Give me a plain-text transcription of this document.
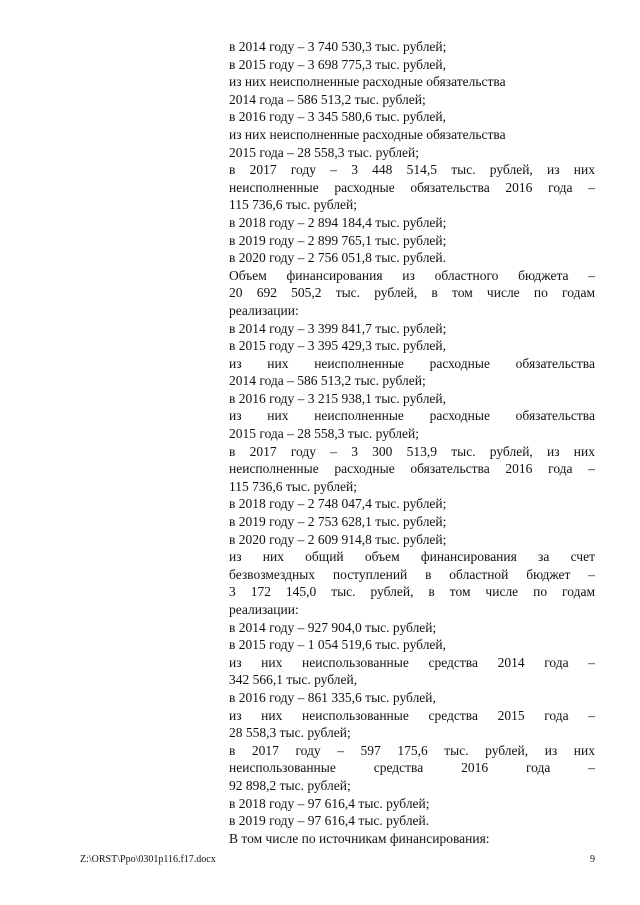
в 2014 году – 3 740 530,3 тыс. рублей;
в 2015 году – 3 698 775,3 тыс. рублей,
из них неисполненные расходные обязательства
2014 года – 586 513,2 тыс. рублей;
в 2016 году – 3 345 580,6 тыс. рублей,
из них неисполненные расходные обязательства
2015 года – 28 558,3 тыс. рублей;
в 2017 году – 3 448 514,5 тыс. рублей, из них
неисполненные расходные обязательства 2016 года –
115 736,6 тыс. рублей;
в 2018 году – 2 894 184,4 тыс. рублей;
в 2019 году – 2 899 765,1 тыс. рублей;
в 2020 году – 2 756 051,8 тыс. рублей.
Объем финансирования из областного бюджета –
20 692 505,2 тыс. рублей, в том числе по годам
реализации:
в 2014 году – 3 399 841,7 тыс. рублей;
в 2015 году – 3 395 429,3 тыс. рублей,
из них неисполненные расходные обязательства
2014 года – 586 513,2 тыс. рублей;
в 2016 году – 3 215 938,1 тыс. рублей,
из них неисполненные расходные обязательства
2015 года – 28 558,3 тыс. рублей;
в 2017 году – 3 300 513,9 тыс. рублей, из них
неисполненные расходные обязательства 2016 года –
115 736,6 тыс. рублей;
в 2018 году – 2 748 047,4 тыс. рублей;
в 2019 году – 2 753 628,1 тыс. рублей;
в 2020 году – 2 609 914,8 тыс. рублей;
из них общий объем финансирования за счет
безвозмездных поступлений в областной бюджет –
3 172 145,0 тыс. рублей, в том числе по годам
реализации:
в 2014 году – 927 904,0 тыс. рублей;
в 2015 году – 1 054 519,6 тыс. рублей,
из них неиспользованные средства 2014 года –
342 566,1 тыс. рублей,
в 2016 году – 861 335,6 тыс. рублей,
из них неиспользованные средства 2015 года –
28 558,3 тыс. рублей;
в 2017 году – 597 175,6 тыс. рублей, из них
неиспользованные средства 2016 года –
92 898,2 тыс. рублей;
в 2018 году – 97 616,4 тыс. рублей;
в 2019 году – 97 616,4 тыс. рублей.
В том числе по источникам финансирования:
Z:\ORST\Ppo\0301p116.f17.docx	9
